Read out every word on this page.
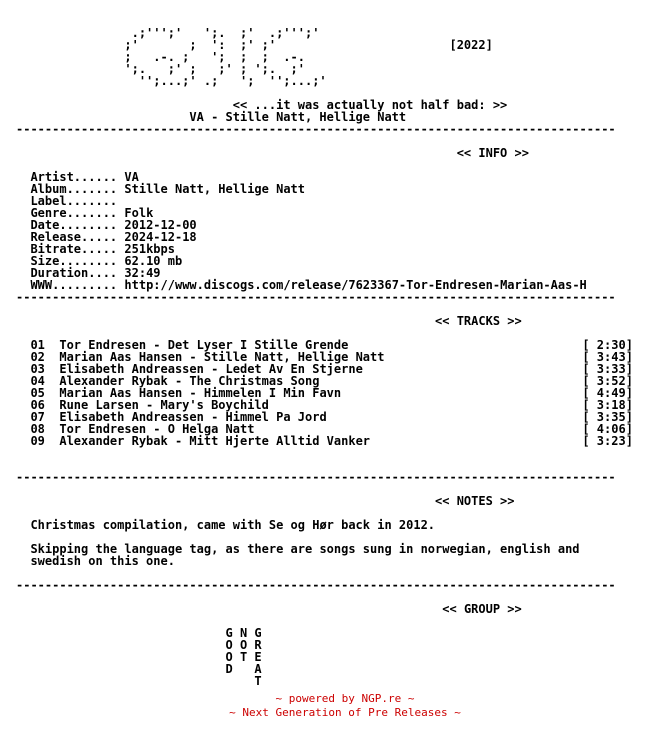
.;''';'   ';.  ;'  .;''';'
;'       ;  ':  ;' ;'	[2022]
;   .-. ;   ';  ;  ;  .-.
';.   ;' ;   ;' ; ';.  ;'
'';...;' .;   ';  '';...;'

<< ...it was actually not half bad: >>
VA - Stille Natt, Hellige Natt
-----------------------------------------------------------------------------------

<< INFO >>

Artist...... VA
Album....... Stille Natt, Hellige Natt
Label.......
Genre....... Folk
Date........ 2012-12-00
Release..... 2024-12-18
Bitrate..... 251kbps
Size........ 62.10 mb
Duration.... 32:49
WWW......... http://www.discogs.com/release/7623367-Tor-Endresen-Marian-Aas-H
-----------------------------------------------------------------------------------

<< TRACKS >>

01 Tor Endresen - Det Lyser I Stille Grende	[ 2:30]
02 Marian Aas Hansen - Stille Natt, Hellige Natt	[ 3:43]
03 Elisabeth Andreassen - Ledet Av En Stjerne	[ 3:33]
04 Alexander Rybak - The Christmas Song	[ 3:52]
05 Marian Aas Hansen - Himmelen I Min Favn	[ 4:49]
06 Rune Larsen - Mary's Boychild	[ 3:18]
07 Elisabeth Andreassen - Himmel Pa Jord	[ 3:35]
08 Tor Endresen - O Helga Natt	[ 4:06]
09 Alexander Rybak - Mitt Hjerte Alltid Vanker	[ 3:23]

-----------------------------------------------------------------------------------

<< NOTES >>

Christmas compilation, came with Se og Hør back in 2012.

Skipping the language tag, as there are songs sung in norwegian, english and
swedish on this one.

-----------------------------------------------------------------------------------

<< GROUP >>

G N G
O O R
O T E
D   A
T
~ powered by NGP.re ~
~ Next Generation of Pre Releases ~
